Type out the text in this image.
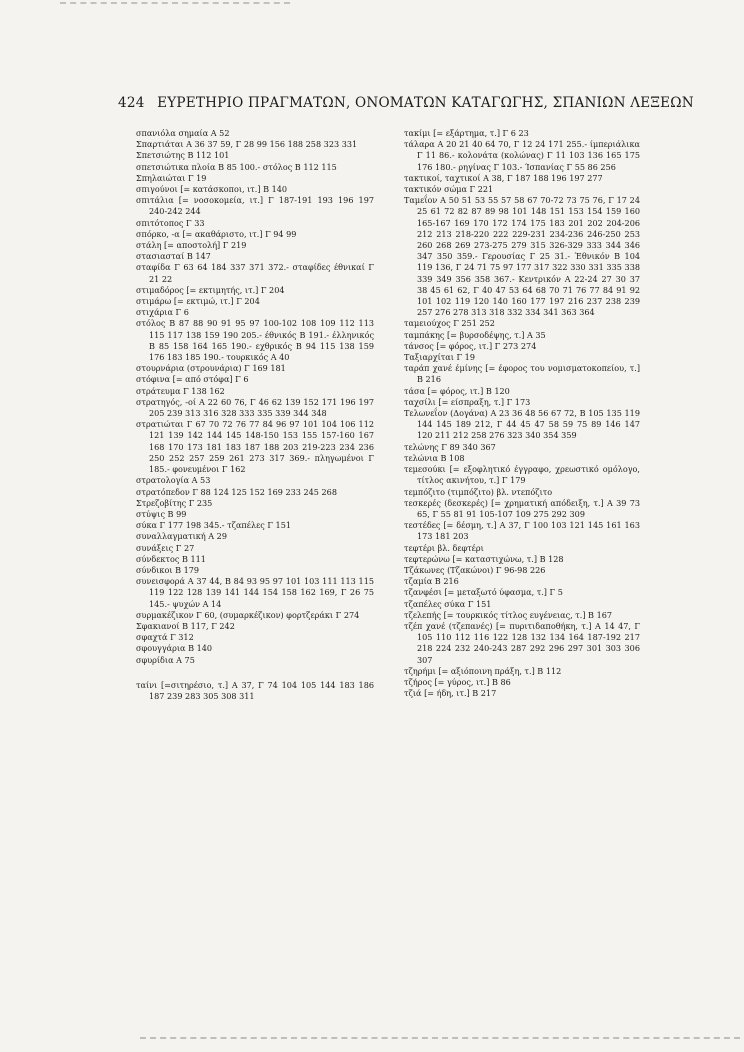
424 ΕΥΡΕΤΗΡΙΟ ΠΡΑΓΜΑΤΩΝ, ΟΝΟΜΑΤΩΝ ΚΑΤΑΓΩΓΗΣ, ΣΠΑΝΙΩΝ ΛΕΞΕΩΝ
σπανιόλα σημαία Α 52
Σπαρτιάται Α 36 37 59, Γ 28 99 156 188 258 323 331
Σπετσιώτης Β 112 101
σπετσιώτικα πλοία Β 85 100.- στόλος Β 112 115
Σπηλαιώται Γ 19
σπιγούνοι [= κατάσκοποι, ιτ.] Β 140
σπιτάλια [= νοσοκομεία, ιτ.] Γ 187-191 193 196 197 240-242 244
σπιτότοπος Γ 33
σπόρκο, -α [= ακαθάριστο, ιτ.] Γ 94 99
στάλη [= αποστολή] Γ 219
στασιασταί Β 147
σταφίδα Γ 63 64 184 337 371 372.- σταφίδες έθνικαί Γ 21 22
στιμαδόρος [= εκτιμητής, ιτ.] Γ 204
στιμάρω [= εκτιμώ, ιτ.] Γ 204
στιχάρια Γ 6
στόλος Β 87 88 90 91 95 97 100-102 108 109 112 113 115 117 138 159 190 205.- έθνικός Β 191.- έλληνικός Β 85 158 164 165 190.- εχθρικός Β 94 115 138 159 176 183 185 190.- τουρκικός Α 40
στουρνάρια (στρουνάρια) Γ 169 181
στόφινα [= από στόφα] Γ 6
στράτευμα Γ 138 162
στρατηγός, -οί Α 22 60 76, Γ 46 62 139 152 171 196 197 205 239 313 316 328 333 335 339 344 348
στρατιώται Γ 67 70 72 76 77 84 96 97 101 104 106 112 121 139 142 144 145 148-150 153 155 157-160 167 168 170 173 181 183 187 188 203 219-223 234 236 250 252 257 259 261 273 317 369.- πληγωμένοι Γ 185.- φονευμένοι Γ 162
στρατολογία Α 53
στρατόπεδον Γ 88 124 125 152 169 233 245 268
Στρεζοβίτης Γ 235
στύψις Β 99
σύκα Γ 177 198 345.- τζαπέλες Γ 151
συναλλαγματική Α 29
συνάξεις Γ 27
σύνδεκτος Β 111
σύνδικοι Β 179
συνεισφορά Α 37 44, Β 84 93 95 97 101 103 111 113 115 119 122 128 139 141 144 154 158 162 169, Γ 26 75 145.- ψυχών Α 14
συρμακέζικον Γ 60, (συμαρκέζικον) φορτζεράκι Γ 274
Σφακιανοί Β 117, Γ 242
σφαχτά Γ 312
σφουγγάρια Β 140
σφυρίδια Α 75
ταίνι [=σιτηρέσιο, τ.] Α 37, Γ 74 104 105 144 183 186 187 239 283 305 308 311
τακίμι [= εξάρτημα, τ.] Γ 6 23
τάλαρα Α 20 21 40 64 70, Γ 12 24 171 255.- ίμπεριάλικα Γ 11 86.- κολονάτα (κολώνας) Γ 11 103 136 165 175 176 180.- ρηγίνας Γ 103.- Ίσπανίας Γ 55 86 256
τακτικοί, ταχτικοί Α 38, Γ 187 188 196 197 277
τακτικόν σώμα Γ 221
Ταμεΐον Α 50 51 53 55 57 58 67 70-72 73 75 76, Γ 17 24 25 61 72 82 87 89 98 101 148 151 153 154 159 160 165-167 169 170 172 174 175 183 201 202 204-206 212 213 218-220 222 229-231 234-236 246-250 253 260 268 269 273-275 279 315 326-329 333 344 346 347 350 359.- Γερουσίας Γ 25 31.- Έθνικόν Β 104 119 136, Γ 24 71 75 97 177 317 322 330 331 335 338 339 349 356 358 367.- Κεντρικόν Α 22-24 27 30 37 38 45 61 62, Γ 40 47 53 64 68 70 71 76 77 84 91 92 101 102 119 120 140 160 177 197 216 237 238 239 257 276 278 313 318 332 334 341 363 364
ταμειούχος Γ 251 252
ταμπάκης [= βυρσοδέψης, τ.] Α 35
τάνσος [= φόρος, ιτ.] Γ 273 274
Ταξιαρχίται Γ 19
ταράπ χανέ έμίνης [= έφορος του νομισματοκοπείου, τ.] Β 216
τάσα [= φόρος, ιτ.] Β 120
ταχσίλι [= είσπραξη, τ.] Γ 173
Τελωνεΐον (Δογάνα) Α 23 36 48 56 67 72, Β 105 135 119 144 145 189 212, Γ 44 45 47 58 59 75 89 146 147 120 211 212 258 276 323 340 354 359
τελώνης Γ 89 340 367
τελώνια Β 108
τεμεσούκι [= εξοφλητικό έγγραφο, χρεωστικό ομόλογο, τίτλος ακινήτου, τ.] Γ 179
τεμπόζιτο (τιμπόζιτο) βλ. ντεπόζιτο
τεσκερές (δεσκερές) [= χρηματική απόδειξη, τ.] Α 39 73 65, Γ 55 81 91 105-107 109 275 292 309
τεστέδες [= δέσμη, τ.] Α 37, Γ 100 103 121 145 161 163 173 181 203
τεφτέρι βλ. δεφτέρι
τεφτερώνω [= καταστιχώνω, τ.] Β 128
Τζάκωνες (Τζακώνοι) Γ 96-98 226
τζαμία Β 216
τζανφέσι [= μεταξωτό ύφασμα, τ.] Γ 5
τζαπέλες σύκα Γ 151
τζελεπής [= τουρκικός τίτλος ευγένειας, τ.] Β 167
τζέπ χανέ (τζεπανές) [= πυριτιδαποθήκη, τ.] Α 14 47, Γ 105 110 112 116 122 128 132 134 164 187-192 217 218 224 232 240-243 287 292 296 297 301 303 306 307
τζηρήμι [= αξιόποινη πράξη, τ.] Β 112
τζήρος [= γύρος, ιτ.] Β 86
τζιά [= ήδη, ιτ.] Β 217
